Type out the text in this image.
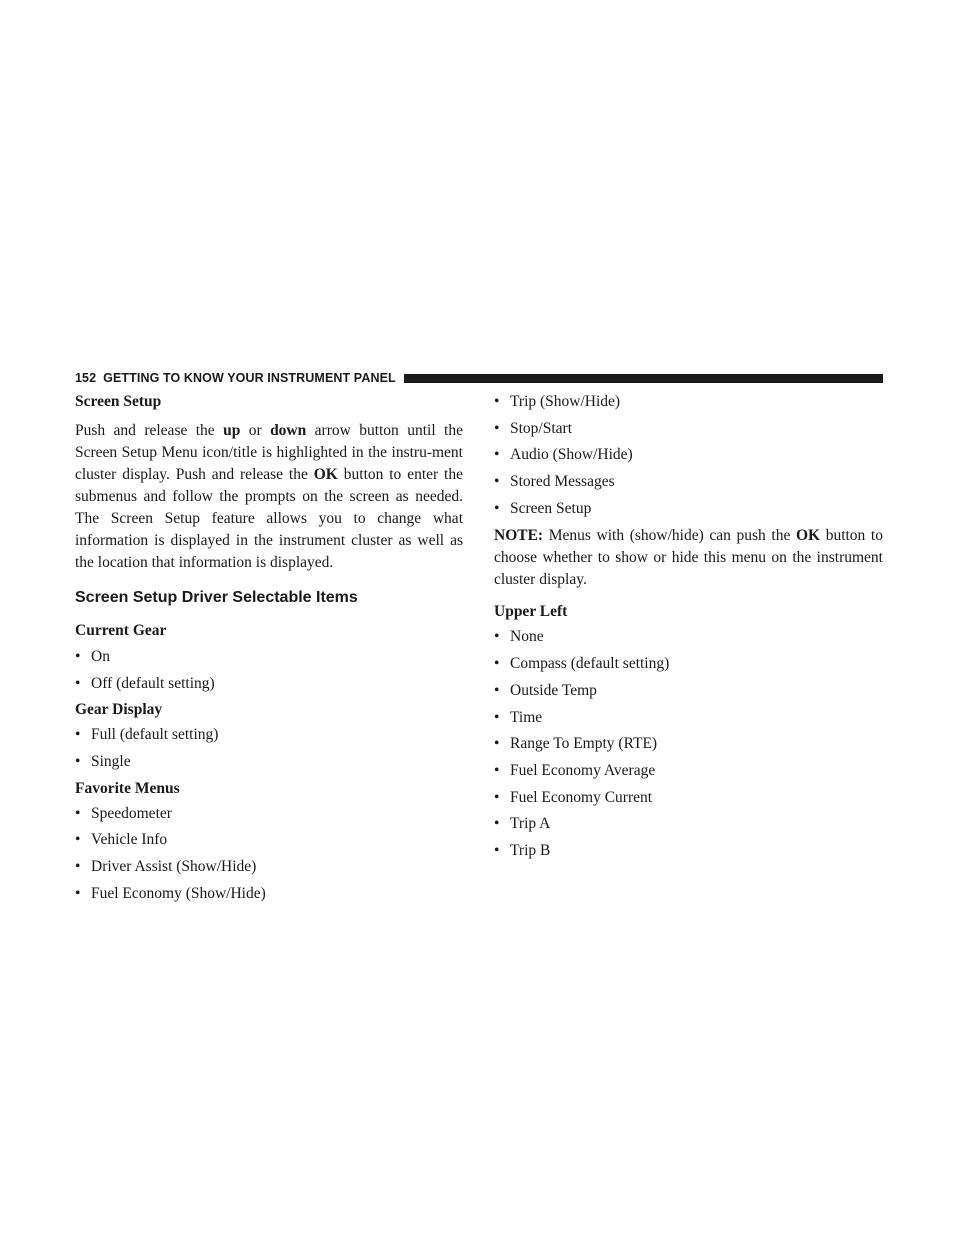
152 GETTING TO KNOW YOUR INSTRUMENT PANEL

Screen Setup

Push and release the up or down arrow button until the Screen Setup Menu icon/title is highlighted in the instru-ment cluster display. Push and release the OK button to enter the submenus and follow the prompts on the screen as needed. The Screen Setup feature allows you to change what information is displayed in the instrument cluster as well as the location that information is displayed.

Screen Setup Driver Selectable Items

Current Gear

• On
• Off (default setting)

Gear Display

• Full (default setting)
• Single

Favorite Menus

• Speedometer
• Vehicle Info
• Driver Assist (Show/Hide)
• Fuel Economy (Show/Hide)
• Trip (Show/Hide)
• Stop/Start
• Audio (Show/Hide)
• Stored Messages
• Screen Setup

NOTE: Menus with (show/hide) can push the OK button to choose whether to show or hide this menu on the instrument cluster display.

Upper Left

• None
• Compass (default setting)
• Outside Temp
• Time
• Range To Empty (RTE)
• Fuel Economy Average
• Fuel Economy Current
• Trip A
• Trip B
